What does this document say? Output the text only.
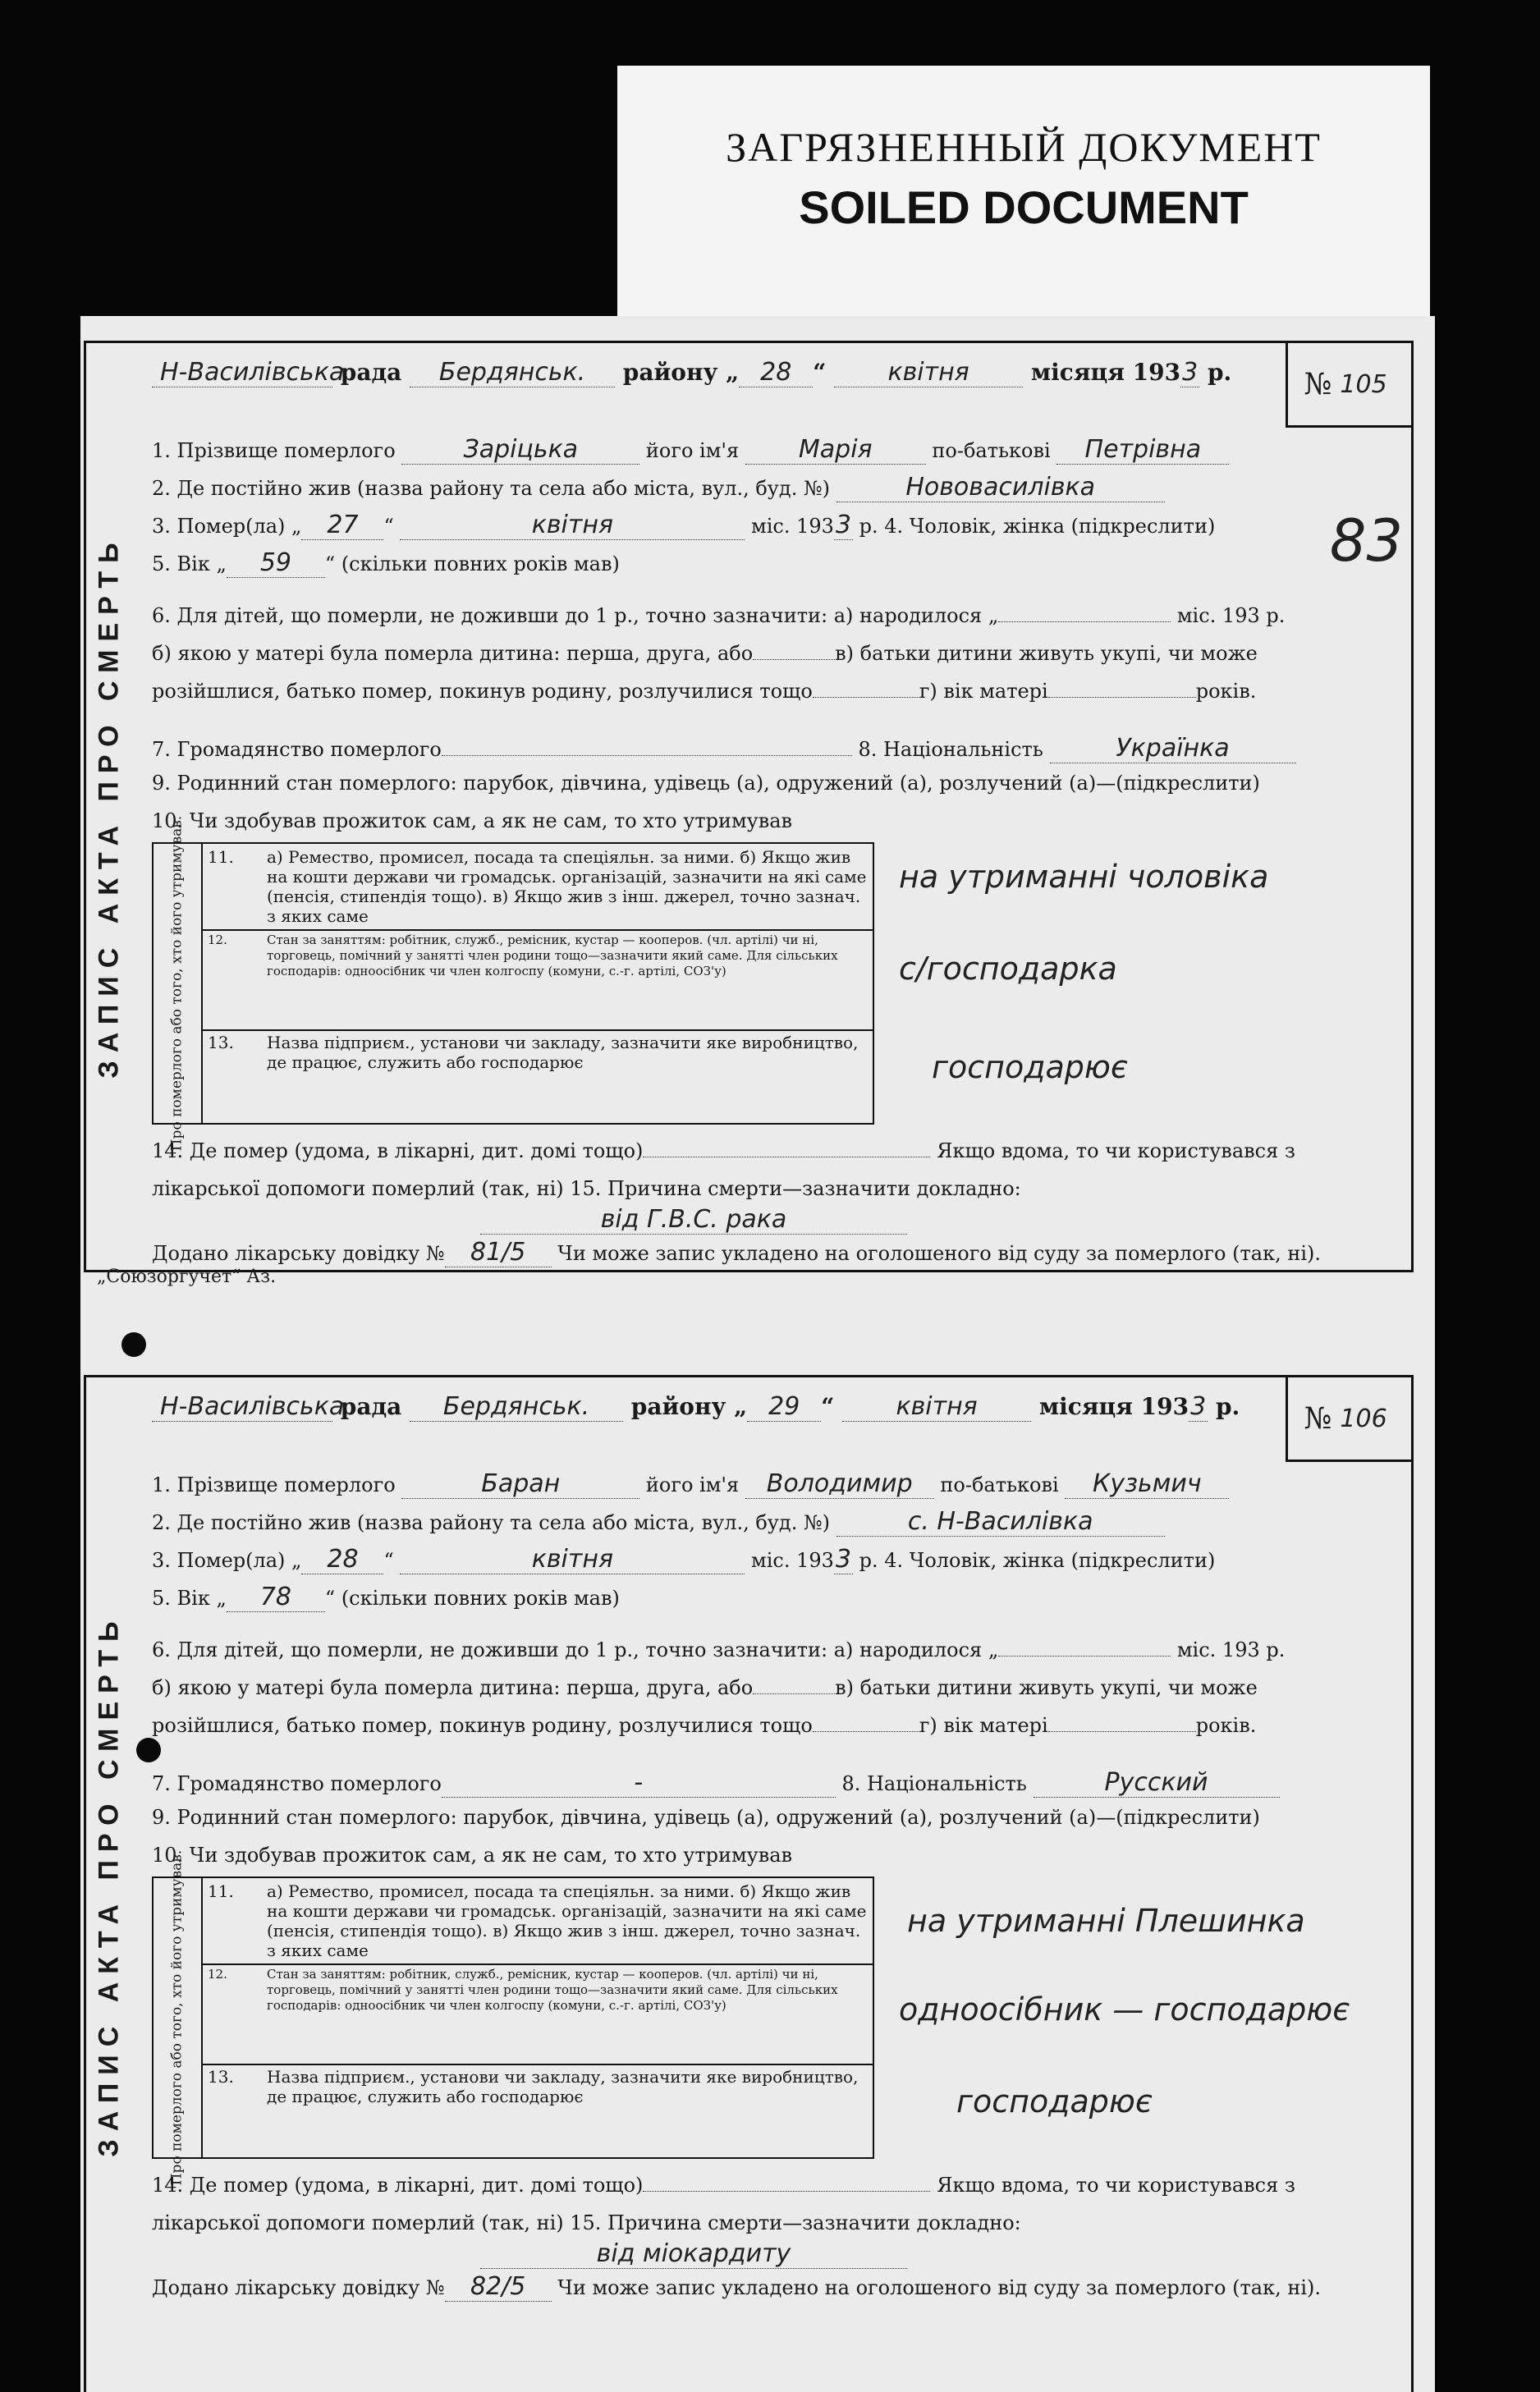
ЗАГРЯЗНЕННЫЙ ДОКУМЕНТ
SOILED DOCUMENT
ЗАПИС АКТА ПРО СМЕРТЬ
№ 105
Н-Василівська рада Бердянськ. району „ 28 “ квітня	місяця 1933 р.
1. Прізвище померлого	Заріцька	його ім'я Марія	по-батькові Петрівна
2. Де постійно жив (назва району та села або міста, вул., буд. №)	Нововасилівка
3. Помер(ла) „ 27 “	квітня	міс. 1933 р. 4. Чоловік, жінка (підкреслити)
5. Вік „ 59 “ (скільки повних років мав)	83
6. Для дітей, що померли, не доживши до 1 р., точно зазначити: а) народилося „	міс. 193 р.
б) якою у матері була померла дитина: перша, друга, або	в) батьки дитини живуть укупі, чи може
розійшлися, батько помер, покинув родину, розлучилися тощо	г) вік матері	років.
7. Громадянство померлого	8. Національність	Українка
9. Родинний стан померлого: парубок, дівчина, удівець (а), одружений (а), розлучений (а)—(підкреслити)
10. Чи здобував прожиток сам, а як не сам, то хто утримував
Про померлого або того, хто його утримував. 11.	а) Ремество, промисел, посада та спеціяльн. за ними. б) Якщо жив на кошти держави чи громадськ. організацій, зазначити на які саме (пенсія, стипендія тощо). в) Якщо жив з інш. джерел, точно зазнач. з яких саме
12.	Стан за заняттям: робітник, служб., ремісник, кустар — кооперов. (чл. артілі) чи ні, торговець, помічний у занятті член родини тощо—зазначити який саме. Для сільських господарів: одноосібник чи член колгоспу (комуни, с.-г. артілі, СОЗ'у)
13.	Назва підприєм., установи чи закладу, зазначити яке виробництво, де працює, служить або господарює
на утриманні чоловіка
с/господарка
господарює
14. Де помер (удома, в лікарні, дит. домі тощо)	Якщо вдома, то чи користувався з
лікарської допомоги померлий (так, ні) 15. Причина смерти—зазначити докладно:
від Г.В.С. рака
Додано лікарську довідку № 81/5 Чи може запис укладено на оголошеного від суду за померлого (так, ні).
„Союзоргучет“ Аз.
ЗАПИС АКТА ПРО СМЕРТЬ
№ 106
Н-Василівська рада Бердянськ. району „ 29 “ квітня	місяця 1933 р.
1. Прізвище померлого	Баран	його ім'я Володимир по-батькові Кузьмич
2. Де постійно жив (назва району та села або міста, вул., буд. №)	с. Н-Василівка
3. Помер(ла) „ 28 “	квітня	міс. 1933 р. 4. Чоловік, жінка (підкреслити)
5. Вік „ 78 “ (скільки повних років мав)
6. Для дітей, що померли, не доживши до 1 р., точно зазначити: а) народилося „	міс. 193 р.
б) якою у матері була померла дитина: перша, друга, або	в) батьки дитини живуть укупі, чи може
розійшлися, батько помер, покинув родину, розлучилися тощо	г) вік матері	років.
7. Громадянство померлого	-	8. Національність	Русский
9. Родинний стан померлого: парубок, дівчина, удівець (а), одружений (а), розлучений (а)—(підкреслити)
10. Чи здобував прожиток сам, а як не сам, то хто утримував
Про померлого або того, хто його утримував. 11.	а) Ремество, промисел, посада та спеціяльн. за ними. б) Якщо жив на кошти держави чи громадськ. організацій, зазначити на які саме (пенсія, стипендія тощо). в) Якщо жив з інш. джерел, точно зазнач. з яких саме
12.	Стан за заняттям: робітник, служб., ремісник, кустар — кооперов. (чл. артілі) чи ні, торговець, помічний у занятті член родини тощо—зазначити який саме. Для сільських господарів: одноосібник чи член колгоспу (комуни, с.-г. артілі, СОЗ'у)
13.	Назва підприєм., установи чи закладу, зазначити яке виробництво, де працює, служить або господарює
на утриманні Плешинка
одноосібник — господарює
господарює
14. Де помер (удома, в лікарні, дит. домі тощо)	Якщо вдома, то чи користувався з
лікарської допомоги померлий (так, ні) 15. Причина смерти—зазначити докладно:
від міокардиту
Додано лікарську довідку № 82/5 Чи може запис укладено на оголошеного від суду за померлого (так, ні).
